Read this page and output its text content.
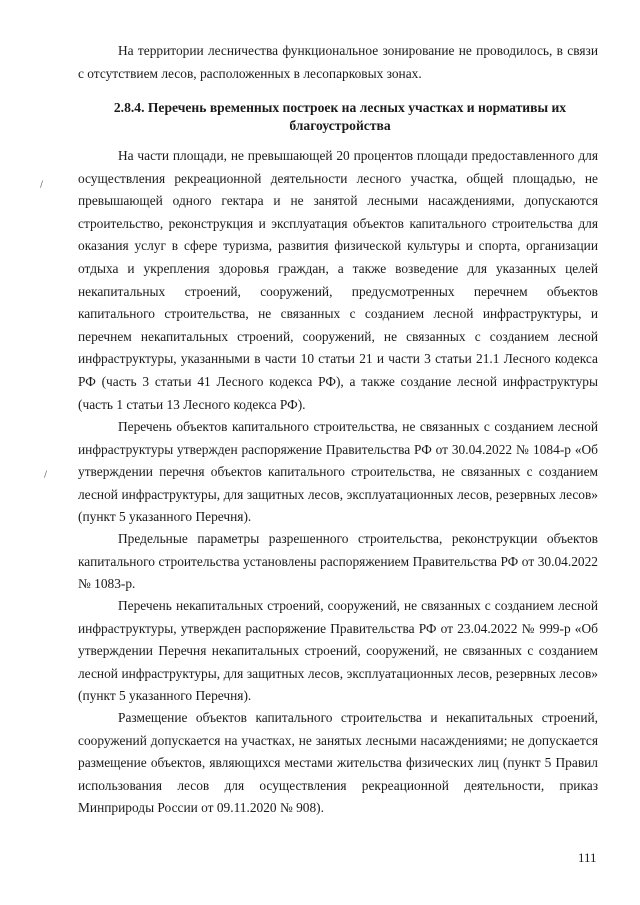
На территории лесничества функциональное зонирование не проводилось, в связи с отсутствием лесов, расположенных в лесопарковых зонах.

2.8.4. Перечень временных построек на лесных участках и нормативы их благоустройства

На части площади, не превышающей 20 процентов площади предоставленного для осуществления рекреационной деятельности лесного участка, общей площадью, не превышающей одного гектара и не занятой лесными насаждениями, допускаются строительство, реконструкция и эксплуатация объектов капитального строительства для оказания услуг в сфере туризма, развития физической культуры и спорта, организации отдыха и укрепления здоровья граждан, а также возведение для указанных целей некапитальных строений, сооружений, предусмотренных перечнем объектов капитального строительства, не связанных с созданием лесной инфраструктуры, и перечнем некапитальных строений, сооружений, не связанных с созданием лесной инфраструктуры, указанными в части 10 статьи 21 и части 3 статьи 21.1 Лесного кодекса РФ (часть 3 статьи 41 Лесного кодекса РФ), а также создание лесной инфраструктуры (часть 1 статьи 13 Лесного кодекса РФ).

Перечень объектов капитального строительства, не связанных с созданием лесной инфраструктуры утвержден распоряжение Правительства РФ от 30.04.2022 № 1084-р «Об утверждении перечня объектов капитального строительства, не связанных с созданием лесной инфраструктуры, для защитных лесов, эксплуатационных лесов, резервных лесов» (пункт 5 указанного Перечня).

Предельные параметры разрешенного строительства, реконструкции объектов капитального строительства установлены распоряжением Правительства РФ от 30.04.2022 № 1083-р.

Перечень некапитальных строений, сооружений, не связанных с созданием лесной инфраструктуры, утвержден распоряжение Правительства РФ от 23.04.2022 № 999-р «Об утверждении Перечня некапитальных строений, сооружений, не связанных с созданием лесной инфраструктуры, для защитных лесов, эксплуатационных лесов, резервных лесов» (пункт 5 указанного Перечня).

Размещение объектов капитального строительства и некапитальных строений, сооружений допускается на участках, не занятых лесными насаждениями; не допускается размещение объектов, являющихся местами жительства физических лиц (пункт 5 Правил использования лесов для осуществления рекреационной деятельности, приказ Минприроды России от 09.11.2020 № 908).

111

/
/
